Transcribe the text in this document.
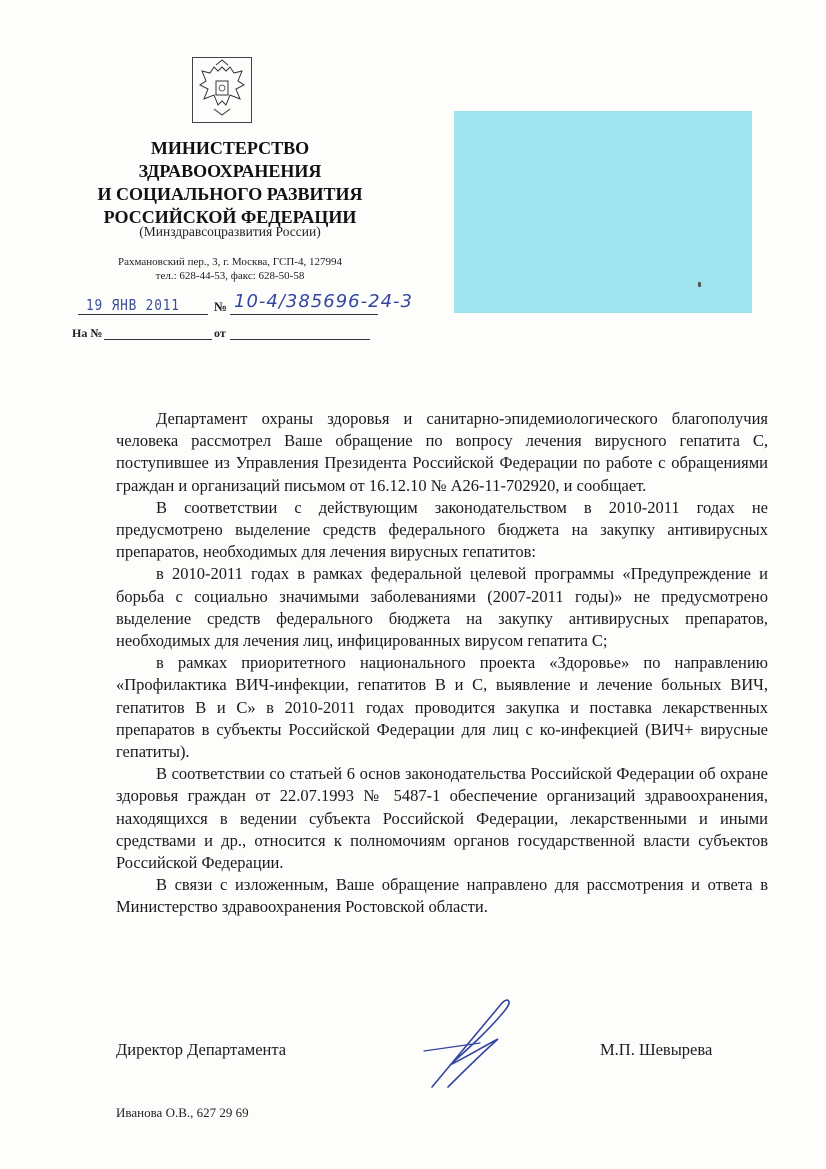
МИНИСТЕРСТВО
ЗДРАВООХРАНЕНИЯ
И СОЦИАЛЬНОГО РАЗВИТИЯ
РОССИЙСКОЙ ФЕДЕРАЦИИ
(Минздравсоцразвития России)
Рахмановский пер., 3, г. Москва, ГСП-4, 127994
тел.: 628-44-53, факс: 628-50-58
19 ЯНВ 2011	№ 10-4/385696-24-3
На №	от

Департамент охраны здоровья и санитарно-эпидемиологического благополучия человека рассмотрел Ваше обращение по вопросу лечения вирусного гепатита С, поступившее из Управления Президента Российской Федерации по работе с обращениями граждан и организаций письмом от 16.12.10 № А26-11-702920, и сообщает.

В соответствии с действующим законодательством в 2010-2011 годах не предусмотрено выделение средств федерального бюджета на закупку антивирусных препаратов, необходимых для лечения вирусных гепатитов:

в 2010-2011 годах в рамках федеральной целевой программы «Предупреждение и борьба с социально значимыми заболеваниями (2007-2011 годы)» не предусмотрено выделение средств федерального бюджета на закупку антивирусных препаратов, необходимых для лечения лиц, инфицированных вирусом гепатита С;

в рамках приоритетного национального проекта «Здоровье» по направлению «Профилактика ВИЧ-инфекции, гепатитов В и С, выявление и лечение больных ВИЧ, гепатитов В и С» в 2010-2011 годах проводится закупка и поставка лекарственных препаратов в субъекты Российской Федерации для лиц с ко-инфекцией (ВИЧ+ вирусные гепатиты).

В соответствии со статьей 6 основ законодательства Российской Федерации об охране здоровья граждан от 22.07.1993 № 5487-1 обеспечение организаций здравоохранения, находящихся в ведении субъекта Российской Федерации, лекарственными и иными средствами и др., относится к полномочиям органов государственной власти субъектов Российской Федерации.

В связи с изложенным, Ваше обращение направлено для рассмотрения и ответа в Министерство здравоохранения Ростовской области.

Директор Департамента	М.П. Шевырева
Иванова О.В., 627 29 69
